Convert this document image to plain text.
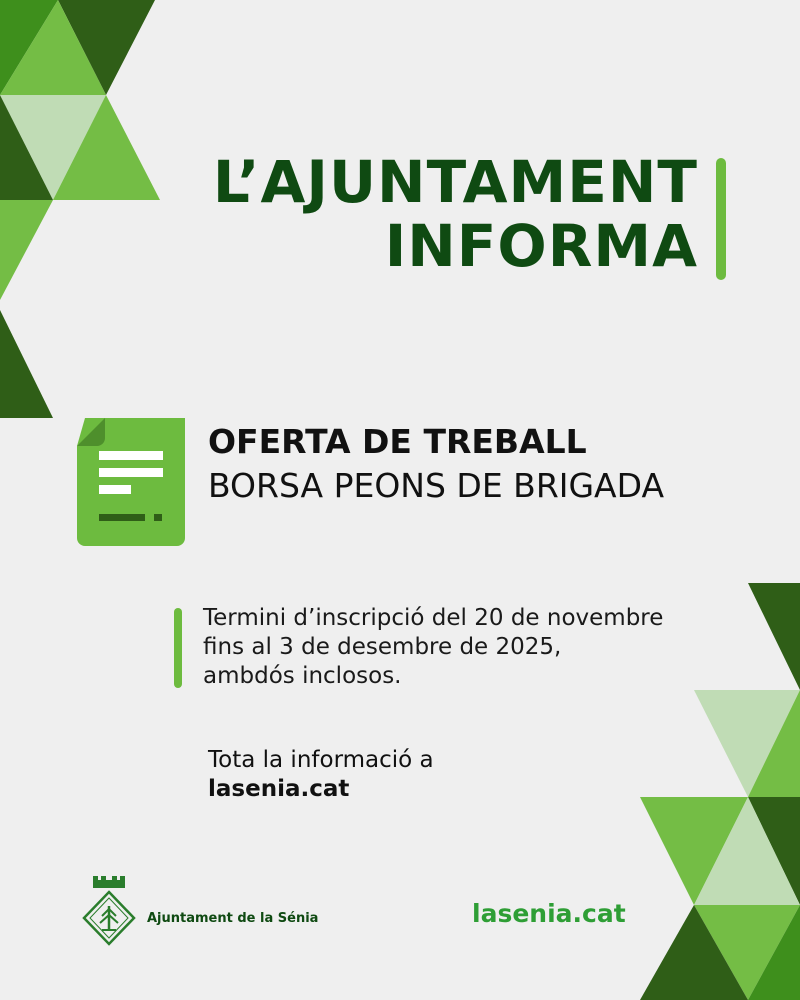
L’AJUNTAMENT
INFORMA
OFERTA DE TREBALL
BORSA PEONS DE BRIGADA
Termini d’inscripció del 20 de novembre
fins al 3 de desembre de 2025,
ambdós inclosos.
Tota la informació a
lasenia.cat
Ajuntament de la Sénia	lasenia.cat
